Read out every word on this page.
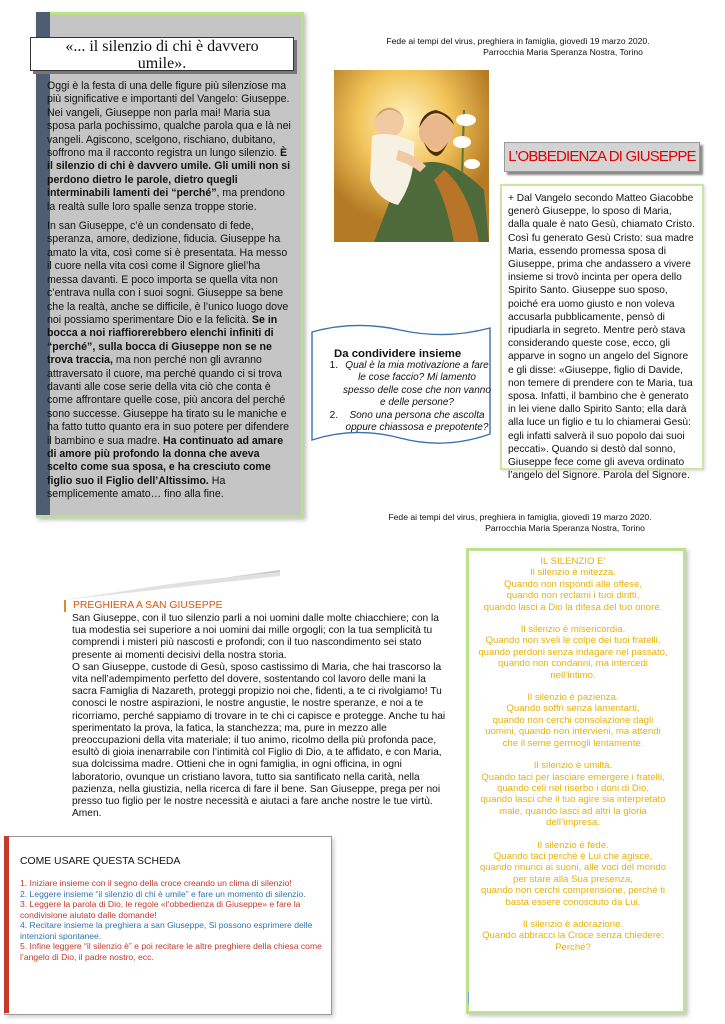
«... il silenzio di chi è davvero
umile».

Oggi è la festa di una delle figure più silenziose ma più significative e importanti del Vangelo: Giuseppe. Nei vangeli, Giuseppe non parla mai! Maria sua sposa parla pochissimo, qualche parola qua e là nei vangeli. Agiscono, scelgono, rischiano, dubitano, soffrono ma il racconto registra un lungo silenzio. È il silenzio di chi è davvero umile. Gli umili non si perdono dietro le parole, dietro quegli interminabili lamenti dei “perché”, ma prendono la realtà sulle loro spalle senza troppe storie.

In san Giuseppe, c’è un condensato di fede, speranza, amore, dedizione, fiducia. Giuseppe ha amato la vita, così come si è presentata. Ha messo il cuore nella vita così come il Signore gliel’ha messa davanti. E poco importa se quella vita non c’entrava nulla con i suoi sogni. Giuseppe sa bene che la realtà, anche se difficile, è l’unico luogo dove noi possiamo sperimentare Dio e la felicità. Se in bocca a noi riaffiorerebbero elenchi infiniti di “perché”, sulla bocca di Giuseppe non se ne trova traccia, ma non perché non gli avranno attraversato il cuore, ma perché quando ci si trova davanti alle cose serie della vita ciò che conta è come affrontare quelle cose, più ancora del perché sono successe. Giuseppe ha tirato su le maniche e ha fatto tutto quanto era in suo potere per difendere il bambino e sua madre. Ha continuato ad amare di amore più profondo la donna che aveva scelto come sua sposa, e ha cresciuto come figlio suo il Figlio dell’Altissimo. Ha semplicemente amato… fino alla fine.

Fede ai tempi del virus, preghiera in famiglia, giovedì 19 marzo 2020.
Parrocchia Maria Speranza Nostra, Torino
Fede ai tempi del virus, preghiera in famiglia, giovedì 19 marzo 2020.
Parrocchia Maria Speranza Nostra, Torino
L’OBBEDIENZA DI GIUSEPPE
+ Dal Vangelo secondo Matteo Giacobbe generò Giuseppe, lo sposo di Maria, dalla quale è nato Gesù, chiamato Cristo. Così fu generato Gesù Cristo: sua madre Maria, essendo promessa sposa di Giuseppe, prima che andassero a vivere insieme si trovò incinta per opera dello Spirito Santo. Giuseppe suo sposo, poiché era uomo giusto e non voleva accusarla pubblicamente, pensò di ripudiarla in segreto. Mentre però stava considerando queste cose, ecco, gli apparve in sogno un angelo del Signore e gli disse: «Giuseppe, figlio di Davide, non temere di prendere con te Maria, tua sposa. Infatti, il bambino che è generato in lei viene dallo Spirito Santo; ella darà alla luce un figlio e tu lo chiamerai Gesù: egli infatti salverà il suo popolo dai suoi peccati». Quando si destò dal sonno, Giuseppe fece come gli aveva ordinato l’angelo del Signore. Parola del Signore.
Da condividere insieme
1. Qual è la mia motivazione a fare le cose faccio? Mi lamento spesso delle cose che non vanno e delle persone?
2.	Sono una persona che ascolta oppure chiassosa e prepotente?
PREGHIERA A SAN GIUSEPPE
San Giuseppe, con il tuo silenzio parli a noi uomini dalle molte chiacchiere; con la tua modestia sei superiore a noi uomini dai mille orgogli; con la tua semplicità tu comprendi i misteri più nascosti e profondi; con il tuo nascondimento sei stato presente ai momenti decisivi della nostra storia.
O san Giuseppe, custode di Gesù, sposo castissimo di Maria, che hai trascorso la vita nell’adempimento perfetto del dovere, sostentando col lavoro delle mani la sacra Famiglia di Nazareth, proteggi propizio noi che, fidenti, a te ci rivolgiamo! Tu conosci le nostre aspirazioni, le nostre angustie, le nostre speranze, e noi a te ricorriamo, perché sappiamo di trovare in te chi ci capisce e protegge. Anche tu hai sperimentato la prova, la fatica, la stanchezza; ma, pure in mezzo alle preoccupazioni della vita materiale; il tuo animo, ricolmo della più profonda pace, esultò di gioia inenarrabile con l’intimità col Figlio di Dio, a te affidato, e con Maria, sua dolcissima madre. Ottieni che in ogni famiglia, in ogni officina, in ogni laboratorio, ovunque un cristiano lavora, tutto sia santificato nella carità, nella pazienza, nella giustizia, nella ricerca di fare il bene. San Giuseppe, prega per noi presso tuo figlio per le nostre necessità e aiutaci a fare anche nostre le tue virtù. Amen.
COME USARE QUESTA SCHEDA
1. Iniziare insieme con il segno della croce creando un clima di silenzio!
2. Leggere insieme “il silenzio di chi è umile” e fare un momento di silenzio.
3. Leggere la parola di Dio, le regole «l’obbedienza di Giuseppe» e fare la condivisione aiutato dalle domande!
4. Recitare insieme la preghiera a san Giuseppe, Si possono esprimere delle intenzioni spontanee.
5. Infine leggere “il silenzio è” e poi recitare le altre preghiere della chiesa come l’angelo di Dio, il padre nostro, ecc.
IL SILENZIO E’
Il silenzio è mitezza.
Quando non rispondi alle offese,
quando non reclami i tuoi diritti,
quando lasci a Dio la difesa del tuo onore.
Il silenzio è misericordia.
Quando non sveli le colpe dei tuoi fratelli,
quando perdoni senza indagare nel passato,
quando non condanni, ma intercedi
nell’intimo.
Il silenzio è pazienza.
Quando soffri senza lamentarti,
quando non cerchi consolazione dagli
uomini, quando non intervieni, ma attendi
che il seme germogli lentamente.
Il silenzio è umiltà.
Quando taci per lasciare emergere i fratelli,
quando celi nel riserbo i doni di Dio,
quando lasci che il tuo agire sia interpretato
male, quando lasci ad altri la gloria
dell’impresa.
Il silenzio è fede.
Quando taci perché è Lui che agisce,
quando rinunci ai suoni, alle voci del mondo
per stare alla Sua presenza,
quando non cerchi comprensione, perché ti
basta essere conosciuto da Lui.
Il silenzio è adorazione.
Quando abbracci la Croce senza chiedere:
Perché?
